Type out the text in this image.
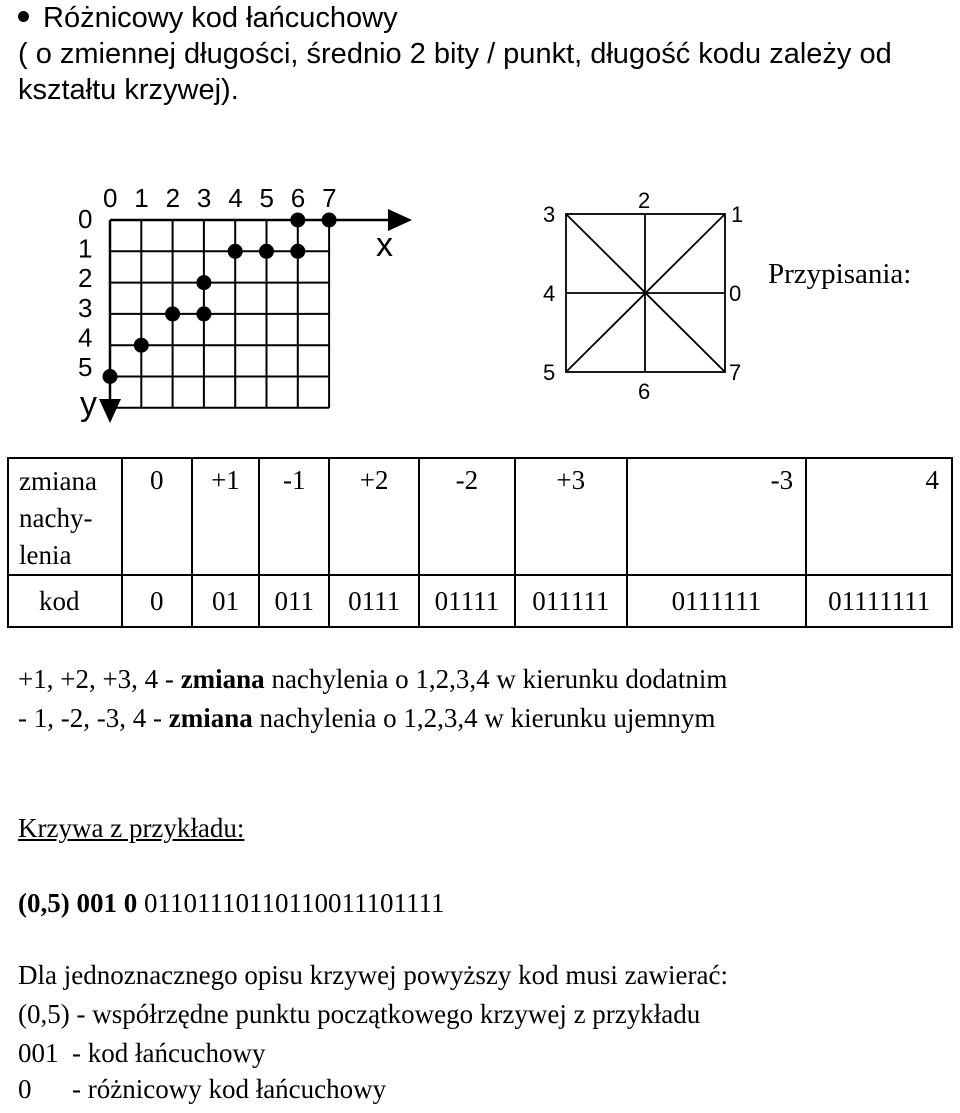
Różnicowy kod łańcuchowy
( o zmiennej długości, średnio 2 bity / punkt, długość kodu zależy od
kształtu krzywej).
0 1 2 3 4 5 6 7
0
1
2
3
4
5
x
y
0
1
2
3
4
5
6
7
Przypisania:
zmiana
nachy-
lenia	0	+1	-1	+2	-2	+3	-3	4
kod	0	01	011	0111	01111	011111	0111111	01111111
+1, +2, +3, 4 - zmiana nachylenia o 1,2,3,4 w kierunku dodatnim
- 1, -2, -3, 4 - zmiana nachylenia o 1,2,3,4 w kierunku ujemnym
Krzywa z przykładu:
(0,5) 001 0 01101110110110011101111
Dla jednoznacznego opisu krzywej powyższy kod musi zawierać:
(0,5) - współrzędne punktu początkowego krzywej z przykładu
001  - kod łańcuchowy
0      - różnicowy kod łańcuchowy
